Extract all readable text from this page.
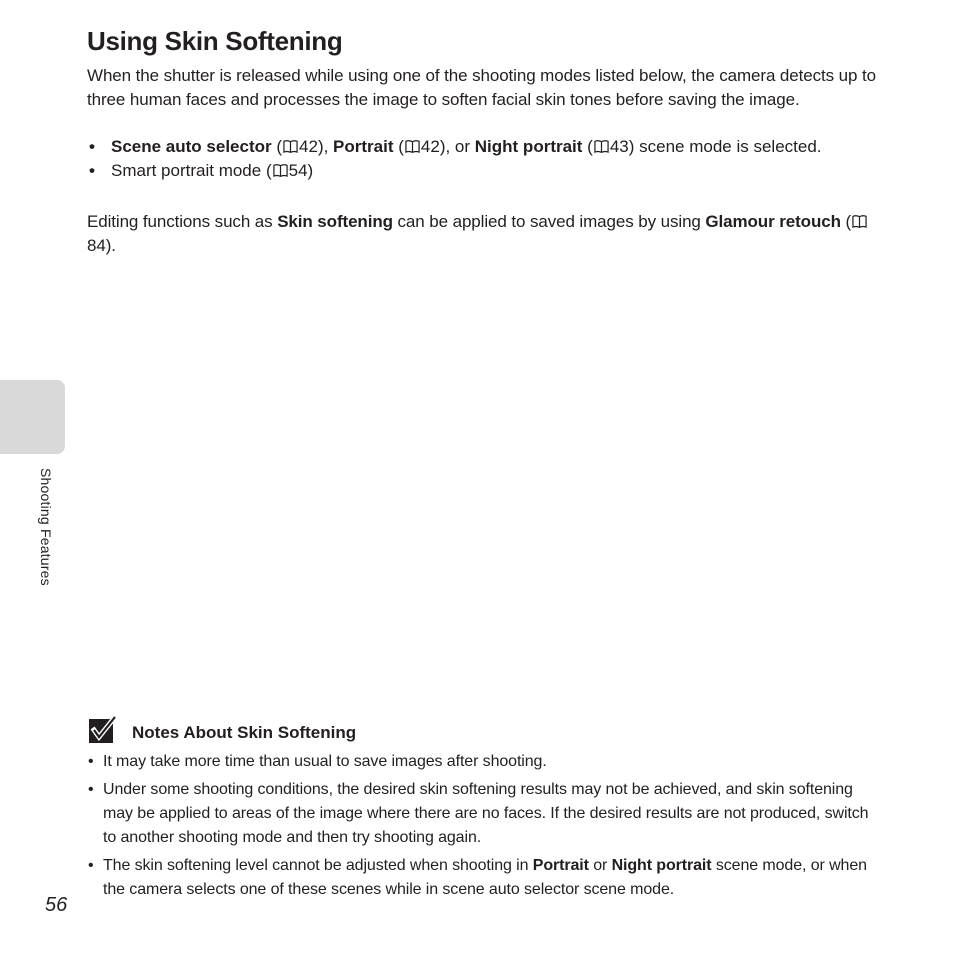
Using Skin Softening

When the shutter is released while using one of the shooting modes listed below, the camera detects up to three human faces and processes the image to soften facial skin tones before saving the image.

• Scene auto selector ( 42), Portrait ( 42), or Night portrait ( 43) scene mode is selected.
• Smart portrait mode ( 54)

Editing functions such as Skin softening can be applied to saved images by using Glamour retouch (84).

Shooting Features
Notes About Skin Softening
• It may take more time than usual to save images after shooting.
• Under some shooting conditions, the desired skin softening results may not be achieved, and skin softening may be applied to areas of the image where there are no faces. If the desired results are not produced, switch to another shooting mode and then try shooting again.
• The skin softening level cannot be adjusted when shooting in Portrait or Night portrait scene mode, or when the camera selects one of these scenes while in scene auto selector scene mode.
56
